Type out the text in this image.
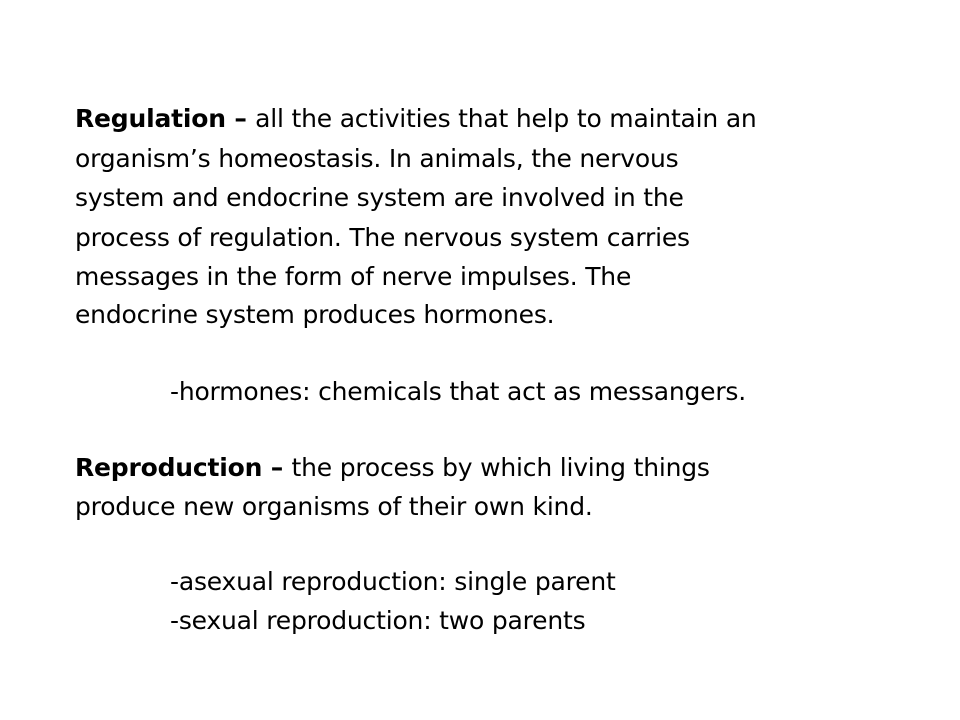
Regulation – all the activities that help to maintain an
organism’s homeostasis. In animals, the nervous
system and endocrine system are involved in the
process of regulation. The nervous system carries
messages in the form of nerve impulses. The
endocrine system produces hormones.
-hormones: chemicals that act as messangers.
Reproduction – the process by which living things
produce new organisms of their own kind.
-asexual reproduction: single parent
-sexual reproduction: two parents
